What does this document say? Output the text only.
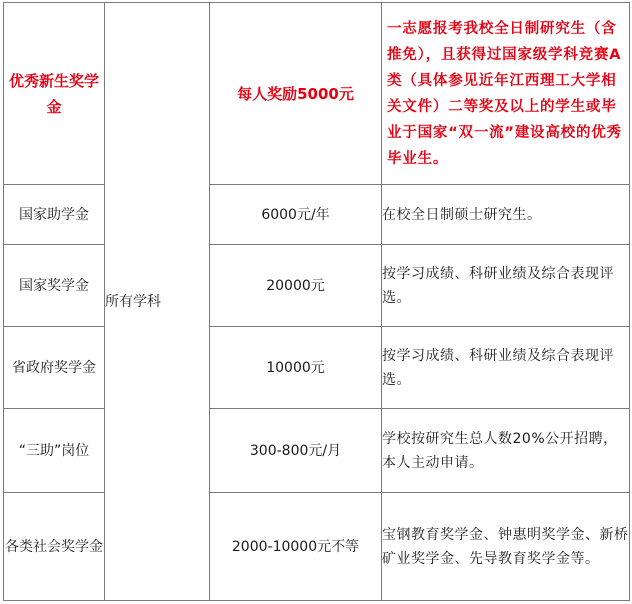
优秀新生奖学金	所有学科	每人奖励5000元	一志愿报考我校全日制研究生（含推免），且获得过国家级学科竞赛A类（具体参见近年江西理工大学相关文件）二等奖及以上的学生或毕业于国家“双一流”建设高校的优秀毕业生。
国家助学金		6000元/年	在校全日制硕士研究生。
国家奖学金		20000元	按学习成绩、科研业绩及综合表现评选。
省政府奖学金		10000元	按学习成绩、科研业绩及综合表现评选。
“三助”岗位		300-800元/月	学校按研究生总人数20%公开招聘，本人主动申请。
各类社会奖学金		2000-10000元不等	宝钢教育奖学金、钟惠明奖学金、新桥矿业奖学金、先导教育奖学金等。
